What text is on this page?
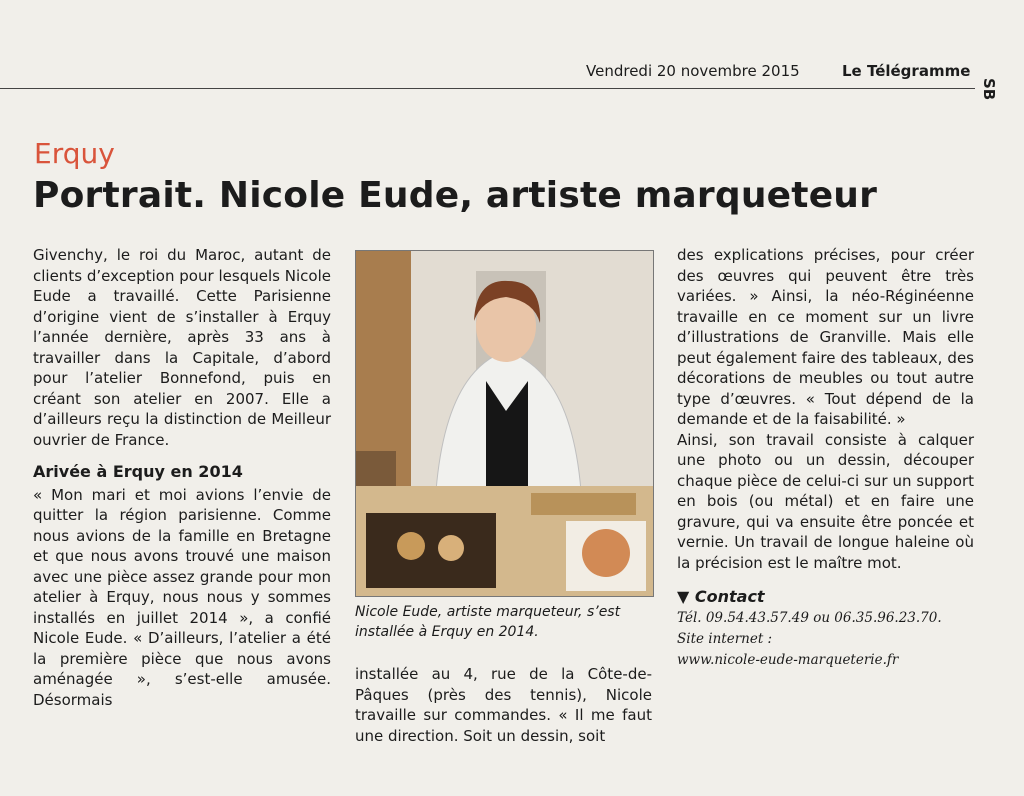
Vendredi 20 novembre 2015	Le Télégramme
SB
Erquy
Portrait. Nicole Eude, artiste marqueteur

Givenchy, le roi du Maroc, autant de clients d’exception pour lesquels Nicole Eude a travaillé. Cette Parisienne d’origine vient de s’installer à Erquy l’année dernière, après 33 ans à travailler dans la Capitale, d’abord pour l’atelier Bonnefond, puis en créant son atelier en 2007. Elle a d’ailleurs reçu la distinction de Meilleur ouvrier de France.

Arivée à Erquy en 2014

« Mon mari et moi avions l’envie de quitter la région parisienne. Comme nous avions de la famille en Bretagne et que nous avons trouvé une maison avec une pièce assez grande pour mon atelier à Erquy, nous nous y sommes installés en juillet 2014 », a confié Nicole Eude. « D’ailleurs, l’atelier a été la première pièce que nous avons aménagée », s’est-elle amusée. Désormais

Nicole Eude, artiste marqueteur, s’est installée à Erquy en 2014.

installée au 4, rue de la Côte-de-Pâques (près des tennis), Nicole travaille sur commandes. « Il me faut une direction. Soit un dessin, soit

des explications précises, pour créer des œuvres qui peuvent être très variées. » Ainsi, la néo-Réginéenne travaille en ce moment sur un livre d’illustrations de Granville. Mais elle peut également faire des tableaux, des décorations de meubles ou tout autre type d’œuvres. « Tout dépend de la demande et de la faisabilité. »

Ainsi, son travail consiste à calquer une photo ou un dessin, découper chaque pièce de celui-ci sur un support en bois (ou métal) et en faire une gravure, qui va ensuite être poncée et vernie. Un travail de longue haleine où la précision est le maître mot.

▼ Contact
Tél. 09.54.43.57.49 ou 06.35.96.23.70.
Site internet :
www.nicole-eude-marqueterie.fr
